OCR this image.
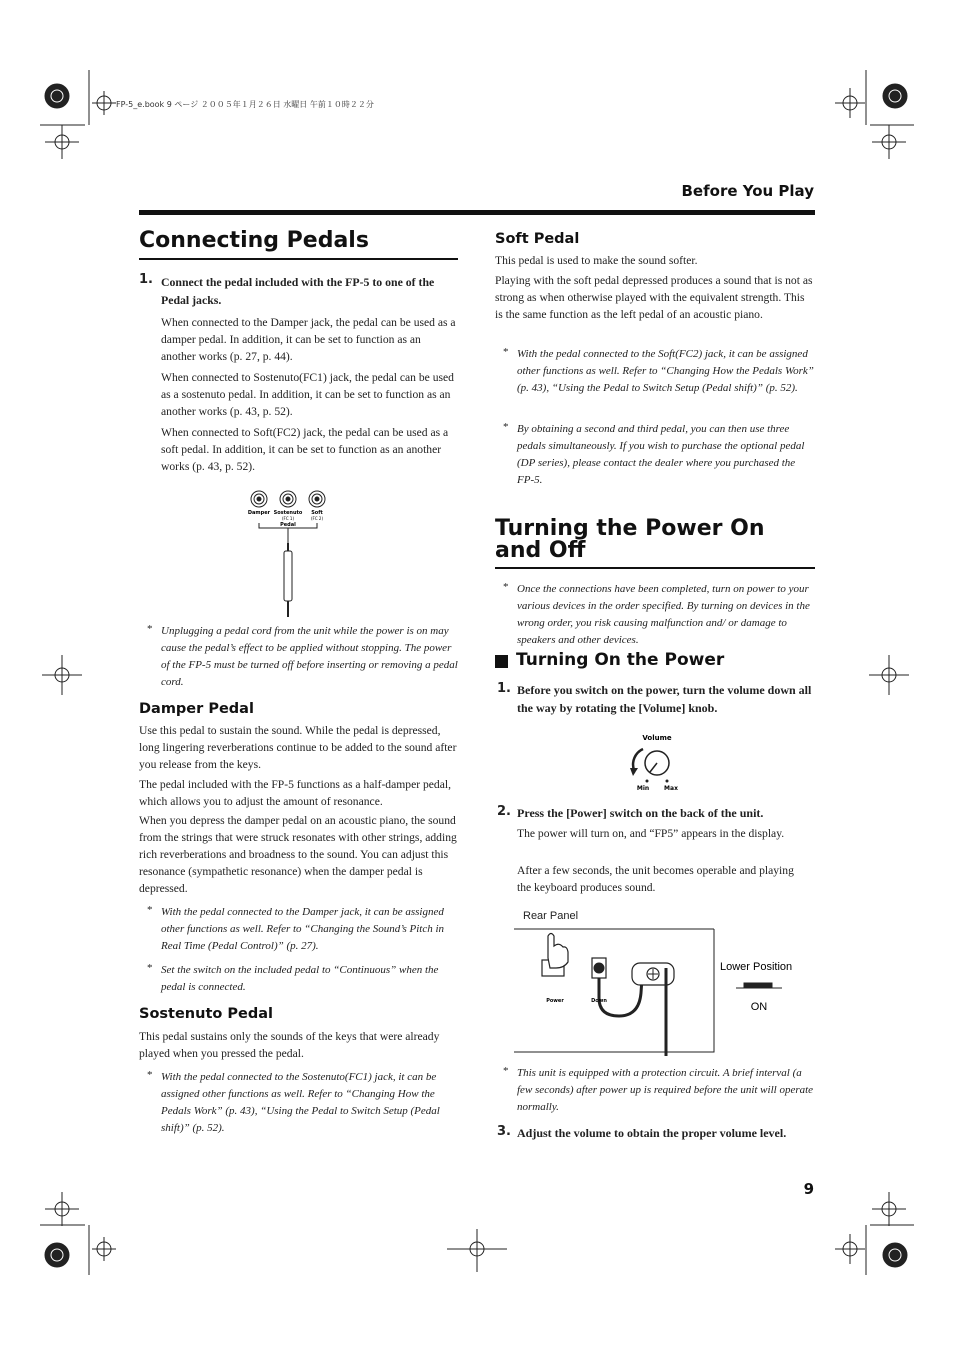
FP-5_e.book 9 ページ ２００５年１月２６日 水曜日 午前１０時２２分
Before You Play
Connecting Pedals
1. Connect the pedal included with the FP-5 to one of the Pedal jacks.

When connected to the Damper jack, the pedal can be used as a damper pedal. In addition, it can be set to function as an another works (p. 27, p. 44).

When connected to Sostenuto(FC1) jack, the pedal can be used as a sostenuto pedal. In addition, it can be set to function as an another works (p. 43, p. 52).

When connected to Soft(FC2) jack, the pedal can be used as a soft pedal. In addition, it can be set to function as an another works (p. 43, p. 52).

Damper Sostenuto Soft
(FC 1)	(FC 2)
Pedal
* Unplugging a pedal cord from the unit while the power is on may cause the pedal’s effect to be applied without stopping. The power of the FP-5 must be turned off before inserting or removing a pedal cord.

Damper Pedal

Use this pedal to sustain the sound. While the pedal is depressed, long lingering reverberations continue to be added to the sound after you release from the keys.

The pedal included with the FP-5 functions as a half-damper pedal, which allows you to adjust the amount of resonance.

When you depress the damper pedal on an acoustic piano, the sound from the strings that were struck resonates with other strings, adding rich reverberations and broadness to the sound. You can adjust this resonance (sympathetic resonance) when the damper pedal is depressed.

* With the pedal connected to the Damper jack, it can be assigned other functions as well. Refer to “Changing the Sound’s Pitch in Real Time (Pedal Control)” (p. 27).

* Set the switch on the included pedal to “Continuous” when the pedal is connected.

Sostenuto Pedal

This pedal sustains only the sounds of the keys that were already played when you pressed the pedal.

* With the pedal connected to the Sostenuto(FC1) jack, it can be assigned other functions as well. Refer to “Changing How the Pedals Work” (p. 43), “Using the Pedal to Switch Setup (Pedal shift)” (p. 52).

Soft Pedal

This pedal is used to make the sound softer.

Playing with the soft pedal depressed produces a sound that is not as strong as when otherwise played with the equivalent strength. This is the same function as the left pedal of an acoustic piano.

* With the pedal connected to the Soft(FC2) jack, it can be assigned other functions as well. Refer to “Changing How the Pedals Work” (p. 43), “Using the Pedal to Switch Setup (Pedal shift)” (p. 52).

* By obtaining a second and third pedal, you can then use three pedals simultaneously. If you wish to purchase the optional pedal (DP series), please contact the dealer where you purchased the FP-5.

Turning the Power On and Off
* Once the connections have been completed, turn on power to your various devices in the order specified. By turning on devices in the wrong order, you risk causing malfunction and/ or damage to speakers and other devices.

Turning On the Power
1. Before you switch on the power, turn the volume down all the way by rotating the [Volume] knob.

Volume
Min Max
2. Press the [Power] switch on the back of the unit.

The power will turn on, and “FP5” appears in the display.

After a few seconds, the unit becomes operable and playing the keyboard produces sound.

Rear Panel
Power	Down
Lower Position
ON
* This unit is equipped with a protection circuit. A brief interval (a few seconds) after power up is required before the unit will operate normally.

3. Adjust the volume to obtain the proper volume level.

9
